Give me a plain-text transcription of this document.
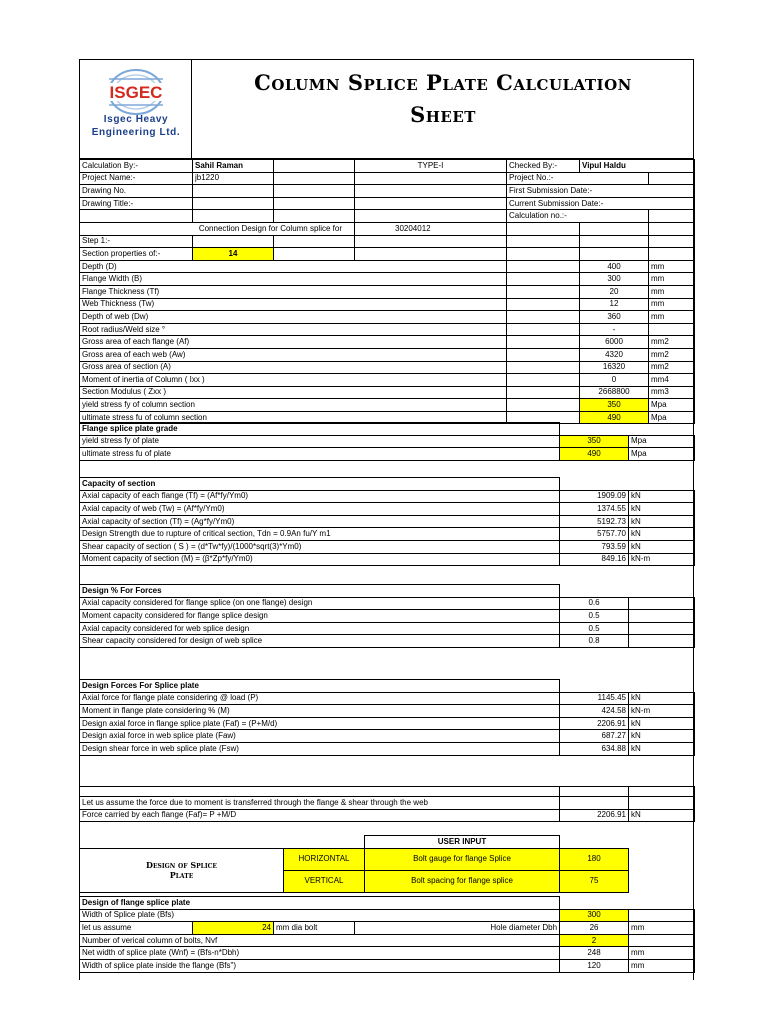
ISGEC
Isgec Heavy
Engineering Ltd.
Column Splice Plate Calculation
Sheet
Calculation By:-	Sahil Raman		TYPE-I	Checked By:-	Vipul Haldu	
Project Name:-	jb1220			Project No.:-		
Drawing No.				First Submission Date:-		
Drawing Title:-				Current Submission Date:-		
				Calculation no.:-		
Connection Design for Column splice for			30204012			
Step 1:-						
Section properties of:-	14					
Depth (D)					400	mm
Flange Width (B)					300	mm
Flange Thickness (Tf)					20	mm
Web Thickness (Tw)					12	mm
Depth of web (Dw)					360	mm
Root radius/Weld size °					-	
Gross area of each flange (Af)					6000	mm2
Gross area of each web (Aw)					4320	mm2
Gross area of section (A)					16320	mm2
Moment of inertia of Column ( Ixx )					0	mm4
Section Modulus ( Zxx )					2668800	mm3
yield stress fy of column section					350	Mpa
ultimate stress fu of column section					490	Mpa
Flange splice plate grade		
yield stress fy of plate	350	Mpa
ultimate stress fu of plate	490	Mpa
Capacity of section		
Axial capacity of each flange (Tf) = (Af*fy/Ym0)	1909.09	kN
Axial capacity of web (Tw) = (Af*fy/Ym0)	1374.55	kN
Axial capacity of section (Tf) = (Ag*fy/Ym0)	5192.73	kN
Design Strength due to rupture of critical section, Tdn = 0.9An fu/Y m1	5757.70	kN
Shear capacity of section ( S ) = (d*Tw*fy)/(1000*sqrt(3)*Ym0)	793.59	kN
Moment capacity of section (M) = (β*Zp*fy/Ym0)	849.16	kN-m
Design % For Forces		
Axial capacity considered for flange splice (on one flange) design	0.6	
Moment capacity considered for flange splice design	0.5	
Axial capacity considered for web splice design	0.5	
Shear capacity considered for design of web splice	0.8	
Design Forces For Splice plate		
Axial force for flange plate considering @ load (P)	1145.45	kN
Moment in flange plate considering % (M)	424.58	kN-m
Design axial force in flange splice plate (Faf) = (P+M/d)	2206.91	kN
Design axial force in web splice plate (Faw)	687.27	kN
Design shear force in web splice plate (Fsw)	634.88	kN

Let us assume the force due to moment is transferred through the flange & shear through the web		
Force carried by each flange (Faf)= P +M/D	2206.91	kN
		USER INPUT		

Design of Splice
Plate	HORIZONTAL	Bolt gauge for flange Splice	180	
	VERTICAL	Bolt spacing for flange splice	75	
Design of flange splice plate					
Width of Splice plate (Bfs)				300	
let us assume	24	mm dia bolt	Hole diameter Dbh	26	mm
Number of verical column of bolts, Nvf				2	
Net width of splice plate (Wnf) = (Bfs-n*Dbh)				248	mm
Width of splice plate inside the flange (Bfs")				120	mm
